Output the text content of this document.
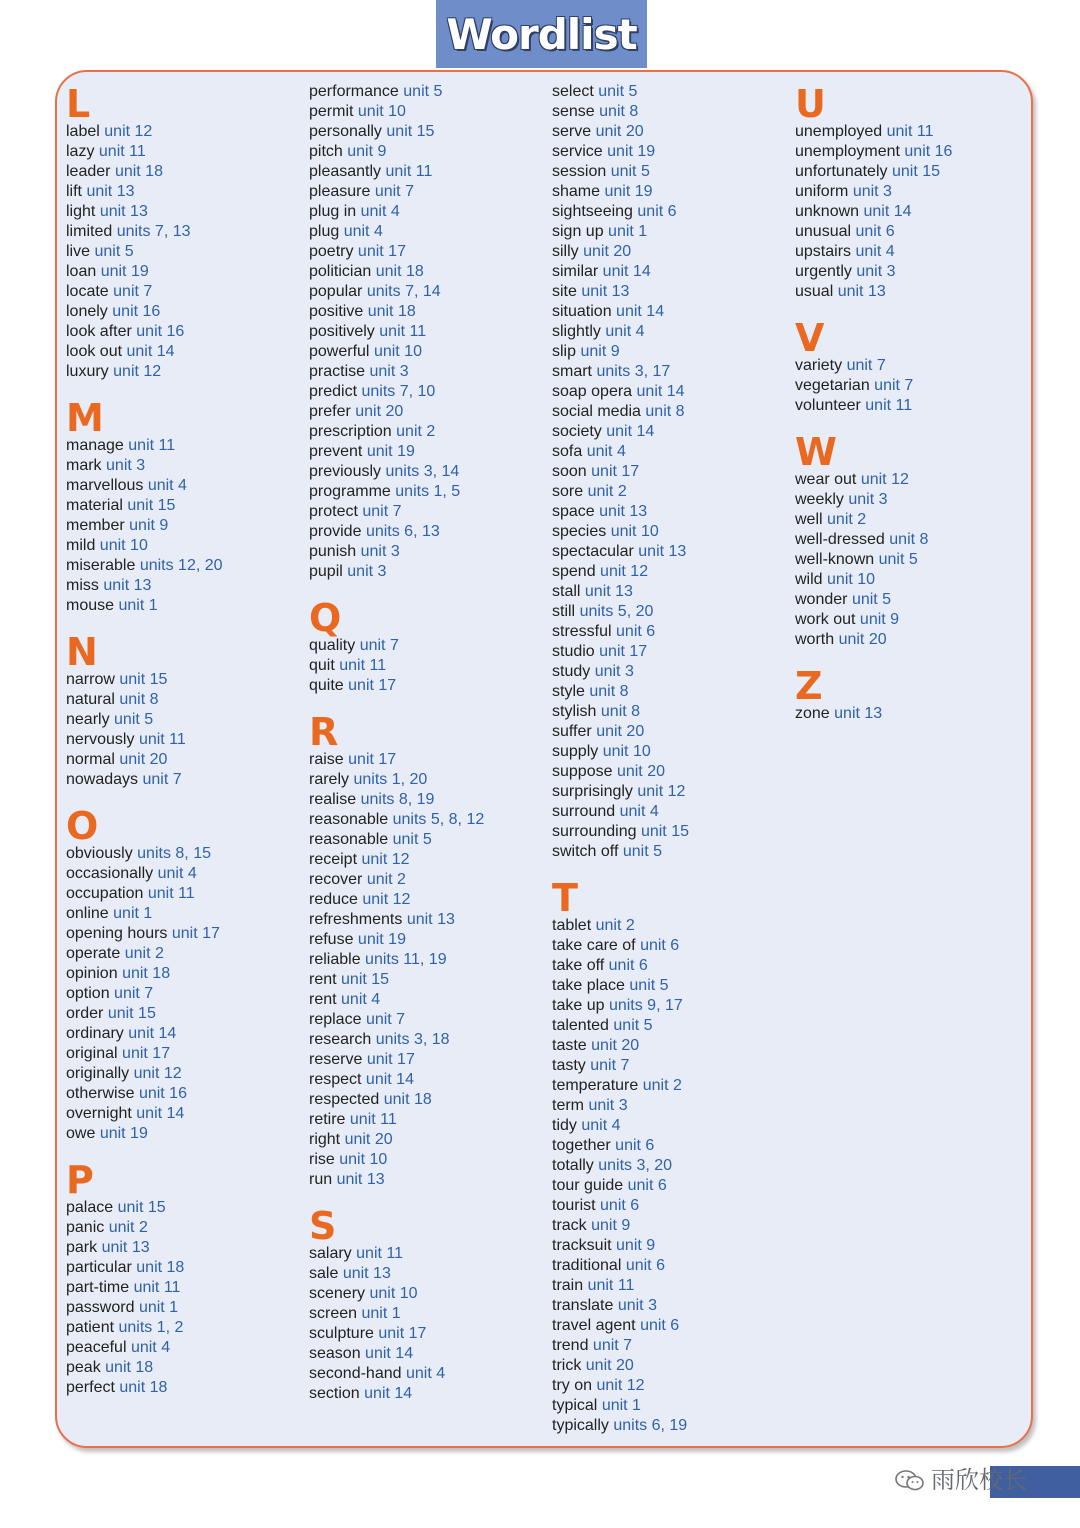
Wordlist
L
label unit 12
lazy unit 11
leader unit 18
lift unit 13
light unit 13
limited units 7, 13
live unit 5
loan unit 19
locate unit 7
lonely unit 16
look after unit 16
look out unit 14
luxury unit 12
M
manage unit 11
mark unit 3
marvellous unit 4
material unit 15
member unit 9
mild unit 10
miserable units 12, 20
miss unit 13
mouse unit 1
N
narrow unit 15
natural unit 8
nearly unit 5
nervously unit 11
normal unit 20
nowadays unit 7
O
obviously units 8, 15
occasionally unit 4
occupation unit 11
online unit 1
opening hours unit 17
operate unit 2
opinion unit 18
option unit 7
order unit 15
ordinary unit 14
original unit 17
originally unit 12
otherwise unit 16
overnight unit 14
owe unit 19
P
palace unit 15
panic unit 2
park unit 13
particular unit 18
part-time unit 11
password unit 1
patient units 1, 2
peaceful unit 4
peak unit 18
perfect unit 18
performance unit 5
permit unit 10
personally unit 15
pitch unit 9
pleasantly unit 11
pleasure unit 7
plug in unit 4
plug unit 4
poetry unit 17
politician unit 18
popular units 7, 14
positive unit 18
positively unit 11
powerful unit 10
practise unit 3
predict units 7, 10
prefer unit 20
prescription unit 2
prevent unit 19
previously units 3, 14
programme units 1, 5
protect unit 7
provide units 6, 13
punish unit 3
pupil unit 3
Q
quality unit 7
quit unit 11
quite unit 17
R
raise unit 17
rarely units 1, 20
realise units 8, 19
reasonable units 5, 8, 12
reasonable unit 5
receipt unit 12
recover unit 2
reduce unit 12
refreshments unit 13
refuse unit 19
reliable units 11, 19
rent unit 15
rent unit 4
replace unit 7
research units 3, 18
reserve unit 17
respect unit 14
respected unit 18
retire unit 11
right unit 20
rise unit 10
run unit 13
S
salary unit 11
sale unit 13
scenery unit 10
screen unit 1
sculpture unit 17
season unit 14
second-hand unit 4
section unit 14
select unit 5
sense unit 8
serve unit 20
service unit 19
session unit 5
shame unit 19
sightseeing unit 6
sign up unit 1
silly unit 20
similar unit 14
site unit 13
situation unit 14
slightly unit 4
slip unit 9
smart units 3, 17
soap opera unit 14
social media unit 8
society unit 14
sofa unit 4
soon unit 17
sore unit 2
space unit 13
species unit 10
spectacular unit 13
spend unit 12
stall unit 13
still units 5, 20
stressful unit 6
studio unit 17
study unit 3
style unit 8
stylish unit 8
suffer unit 20
supply unit 10
suppose unit 20
surprisingly unit 12
surround unit 4
surrounding unit 15
switch off unit 5
T
tablet unit 2
take care of unit 6
take off unit 6
take place unit 5
take up units 9, 17
talented unit 5
taste unit 20
tasty unit 7
temperature unit 2
term unit 3
tidy unit 4
together unit 6
totally units 3, 20
tour guide unit 6
tourist unit 6
track unit 9
tracksuit unit 9
traditional unit 6
train unit 11
translate unit 3
travel agent unit 6
trend unit 7
trick unit 20
try on unit 12
typical unit 1
typically units 6, 19
U
unemployed unit 11
unemployment unit 16
unfortunately unit 15
uniform unit 3
unknown unit 14
unusual unit 6
upstairs unit 4
urgently unit 3
usual unit 13
V
variety unit 7
vegetarian unit 7
volunteer unit 11
W
wear out unit 12
weekly unit 3
well unit 2
well-dressed unit 8
well-known unit 5
wild unit 10
wonder unit 5
work out unit 9
worth unit 20
Z
zone unit 13
雨欣校长
